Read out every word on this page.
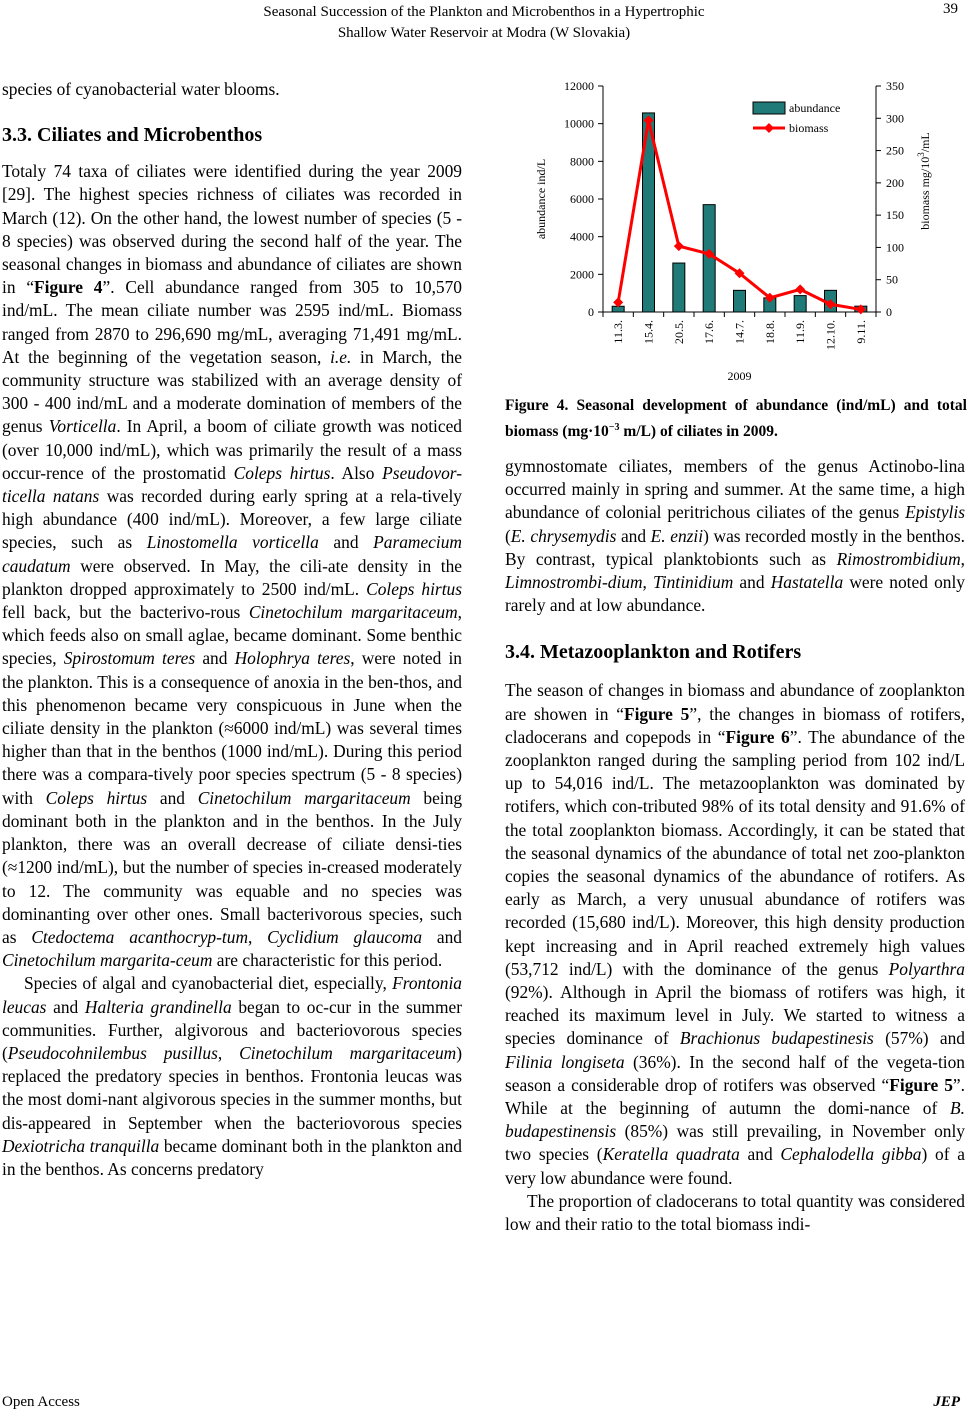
Seasonal Succession of the Plankton and Microbenthos in a Hypertrophic
Shallow Water Reservoir at Modra (W Slovakia)
39

species of cyanobacterial water blooms.

3.3. Ciliates and Microbenthos

Totaly 74 taxa of ciliates were identified during the year 2009 [29]. The highest species richness of ciliates was recorded in March (12). On the other hand, the lowest number of species (5 - 8 species) was observed during the second half of the year. The seasonal changes in biomass and abundance of ciliates are shown in “Figure 4”. Cell abundance ranged from 305 to 10,570 ind/mL. The mean ciliate number was 2595 ind/mL. Biomass ranged from 2870 to 296,690 mg/mL, averaging 71,491 mg/mL. At the beginning of the vegetation season, i.e. in March, the community structure was stabilized with an average density of 300 - 400 ind/mL and a moderate domination of members of the genus Vorticella. In April, a boom of ciliate growth was noticed (over 10,000 ind/mL), which was primarily the result of a mass occur-rence of the prostomatid Coleps hirtus. Also Pseudovor-ticella natans was recorded during early spring at a rela-tively high abundance (400 ind/mL). Moreover, a few large ciliate species, such as Linostomella vorticella and Paramecium caudatum were observed. In May, the cili-ate density in the plankton dropped approximately to 2500 ind/mL. Coleps hirtus fell back, but the bacterivo-rous Cinetochilum margaritaceum, which feeds also on small aglae, became dominant. Some benthic species, Spirostomum teres and Holophrya teres, were noted in the plankton. This is a consequence of anoxia in the ben-thos, and this phenomenon became very conspicuous in June when the ciliate density in the plankton (≈6000 ind/mL) was several times higher than that in the benthos (1000 ind/mL). During this period there was a compara-tively poor species spectrum (5 - 8 species) with Coleps hirtus and Cinetochilum margaritaceum being dominant both in the plankton and in the benthos. In the July plankton, there was an overall decrease of ciliate densi-ties (≈1200 ind/mL), but the number of species in-creased moderately to 12. The community was equable and no species was dominanting over other ones. Small bacterivorous species, such as Ctedoctema acanthocryp-tum, Cyclidium glaucoma and Cinetochilum margarita-ceum are characteristic for this period.

Species of algal and cyanobacterial diet, especially, Frontonia leucas and Halteria grandinella began to oc-cur in the summer communities. Further, algivorous and bacteriovorous species (Pseudocohnilembus pusillus, Cinetochilum margaritaceum) replaced the predatory species in benthos. Frontonia leucas was the most domi-nant algivorous species in the summer months, but dis-appeared in September when the bacteriovorous species Dexiotricha tranquilla became dominant both in the plankton and in the benthos. As concerns predatory

0
2000
4000
6000
8000
10000
12000
0
50
100
150
200
250
300
350
11.3. 15.4. 20.5. 17.6. 14.7. 18.8. 11.9. 12.10. 9.11.
2009
abundance ind/L	biomass $mg/10^3/mL$
abundance
biomass
Figure 4. Seasonal development of abundance (ind/mL) and total biomass ($mg\cdot 10^{-3}$ m/L) of ciliates in 2009.

gymnostomate ciliates, members of the genus Actinobo-lina occurred mainly in spring and summer. At the same time, a high abundance of colonial peritrichous ciliates of the genus Epistylis (E. chrysemydis and E. enzii) was recorded mostly in the benthos. By contrast, typical planktobionts such as Rimostrombidium, Limnostrombi-dium, Tintinidium and Hastatella were noted only rarely and at low abundance.

3.4. Metazooplankton and Rotifers

The season of changes in biomass and abundance of zooplankton are showen in “Figure 5”, the changes in biomass of rotifers, cladocerans and copepods in “Figure 6”. The abundance of the zooplankton ranged during the sampling period from 102 ind/L up to 54,016 ind/L. The metazooplankton was dominated by rotifers, which con-tributed 98% of its total density and 91.6% of the total zooplankton biomass. Accordingly, it can be stated that the seasonal dynamics of the abundance of total net zoo-plankton copies the seasonal dynamics of the abundance of rotifers. As early as March, a very unusual abundance of rotifers was recorded (15,680 ind/L). Moreover, this high density production kept increasing and in April reached extremely high values (53,712 ind/L) with the dominance of the genus Polyarthra (92%). Although in April the biomass of rotifers was high, it reached its maximum level in July. We started to witness a species dominance of Brachionus budapestinesis (57%) and Filinia longiseta (36%). In the second half of the vegeta-tion season a considerable drop of rotifers was observed “Figure 5”. While at the beginning of autumn the domi-nance of B. budapestinensis (85%) was still prevailing, in November only two species (Keratella quadrata and Cephalodella gibba) of a very low abundance were found.

The proportion of cladocerans to total quantity was considered low and their ratio to the total biomass indi-

Open Access	JEP
